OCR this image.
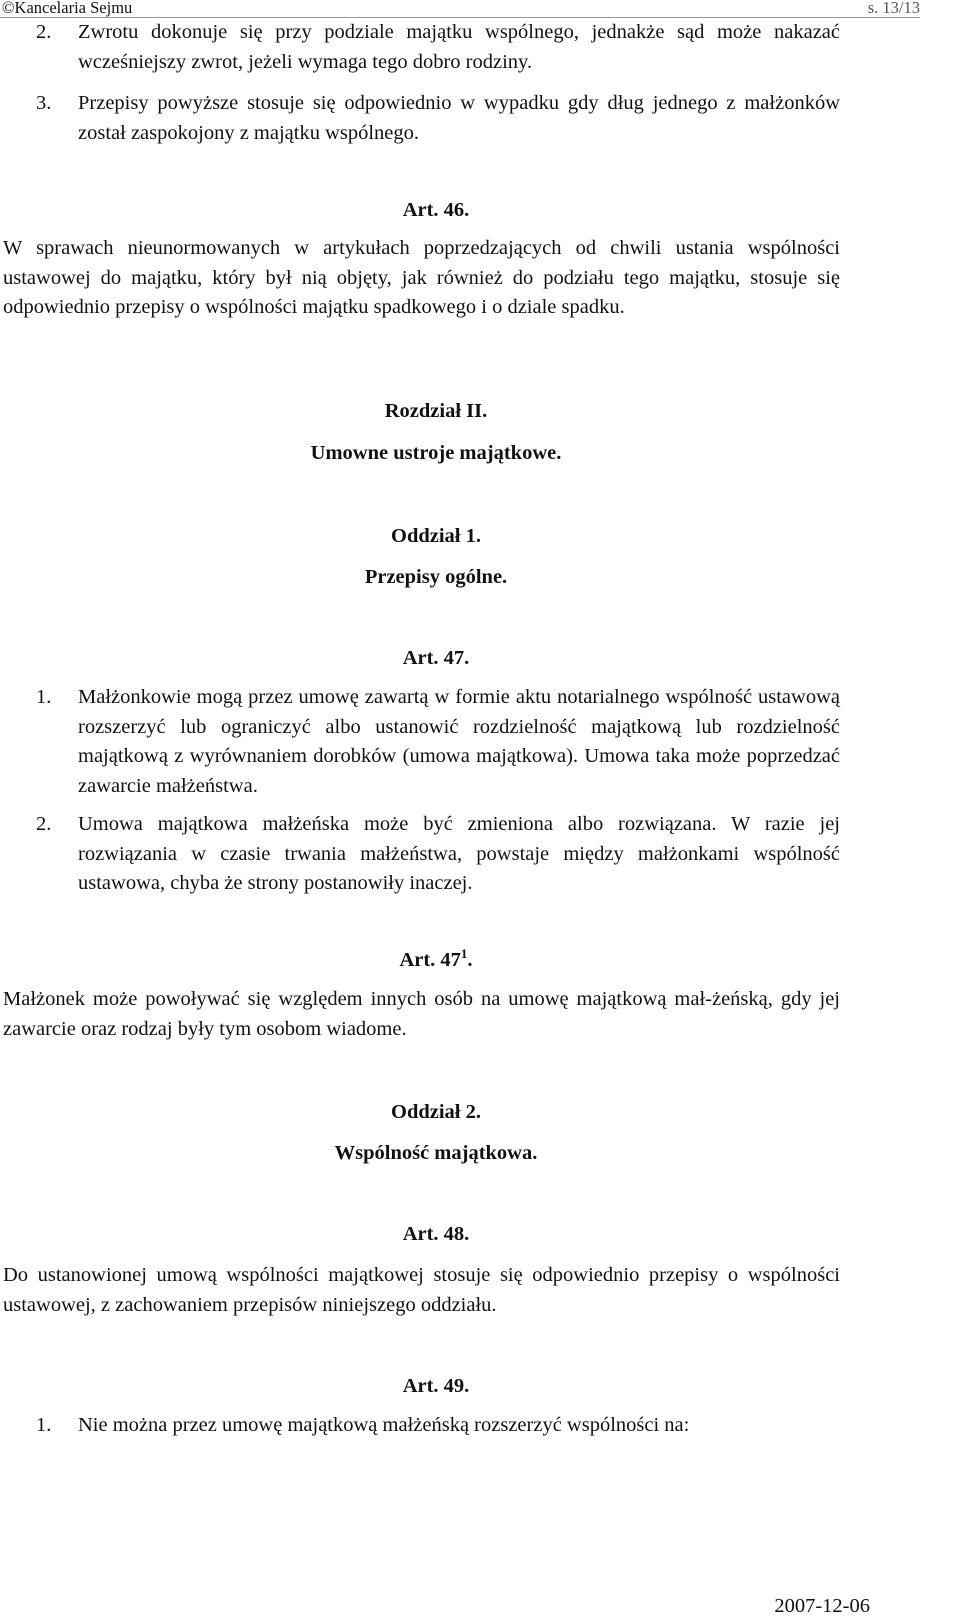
©Kancelaria Sejmu	s. 13/13
2. Zwrotu dokonuje się przy podziale majątku wspólnego, jednakże sąd może nakazać wcześniejszy zwrot, jeżeli wymaga tego dobro rodziny.
3. Przepisy powyższe stosuje się odpowiednio w wypadku gdy dług jednego z małżonków został zaspokojony z majątku wspólnego.
Art. 46.
W sprawach nieunormowanych w artykułach poprzedzających od chwili ustania wspólności ustawowej do majątku, który był nią objęty, jak również do podziału tego majątku, stosuje się odpowiednio przepisy o wspólności majątku spadkowego i o dziale spadku.
Rozdział II.
Umowne ustroje majątkowe.
Oddział 1.
Przepisy ogólne.
Art. 47.
1. Małżonkowie mogą przez umowę zawartą w formie aktu notarialnego wspólność ustawową rozszerzyć lub ograniczyć albo ustanowić rozdzielność majątkową lub rozdzielność majątkową z wyrównaniem dorobków (umowa majątkowa). Umowa taka może poprzedzać zawarcie małżeństwa.
2. Umowa majątkowa małżeńska może być zmieniona albo rozwiązana. W razie jej rozwiązania w czasie trwania małżeństwa, powstaje między małżonkami wspólność ustawowa, chyba że strony postanowiły inaczej.
Art. $47^1$.
Małżonek może powoływać się względem innych osób na umowę majątkową mał-żeńską, gdy jej zawarcie oraz rodzaj były tym osobom wiadome.
Oddział 2.
Wspólność majątkowa.
Art. 48.
Do ustanowionej umową wspólności majątkowej stosuje się odpowiednio przepisy o wspólności ustawowej, z zachowaniem przepisów niniejszego oddziału.
Art. 49.
1. Nie można przez umowę majątkową małżeńską rozszerzyć wspólności na:
2007-12-06
